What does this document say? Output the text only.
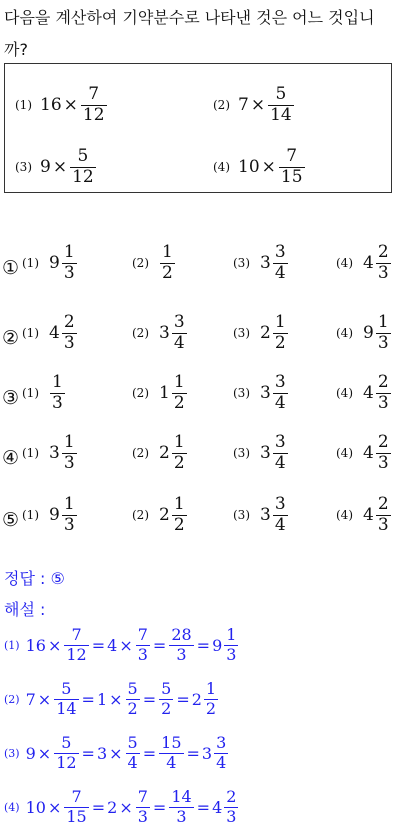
다음을 계산하여 기약분수로 나타낸 것은 어느 것입니까?
(1) $16 \times \frac{7}{12}$	(2) $7 \times \frac{5}{14}$
(3) $9 \times \frac{5}{12}$	(4) $10 \times \frac{7}{15}$
① (1) $9 \frac{1}{3}$	$(2) \frac{1}{2}$	(3) $3 \frac{3}{4}$	(4) $4 \frac{2}{3}$
② (1) $4 \frac{2}{3}$	(2) $3 \frac{3}{4}$	(3) $2 \frac{1}{2}$	(4) $9 \frac{1}{3}$
③ $(1) \frac{1}{3}$	(2) $1 \frac{1}{2}$	(3) $3 \frac{3}{4}$	(4) $4 \frac{2}{3}$
④ (1) $3 \frac{1}{3}$	(2) $2 \frac{1}{2}$	(3) $3 \frac{3}{4}$	(4) $4 \frac{2}{3}$
⑤ (1) $9 \frac{1}{3}$	(2) $2 \frac{1}{2}$	(3) $3 \frac{3}{4}$	(4) $4 \frac{2}{3}$
정답 : ⑤
해설 :
(1) $16 \times \frac{7}{12} = 4 \times \frac{7}{3} = \frac{28}{3} = 9 \frac{1}{3}$
(2) $7 \times \frac{5}{14} = 1 \times \frac{5}{2} = \frac{5}{2} = 2 \frac{1}{2}$
(3) $9 \times \frac{5}{12} = 3 \times \frac{5}{4} = \frac{15}{4} = 3 \frac{3}{4}$
(4) $10 \times \frac{7}{15} = 2 \times \frac{7}{3} = \frac{14}{3} = 4 \frac{2}{3}$
